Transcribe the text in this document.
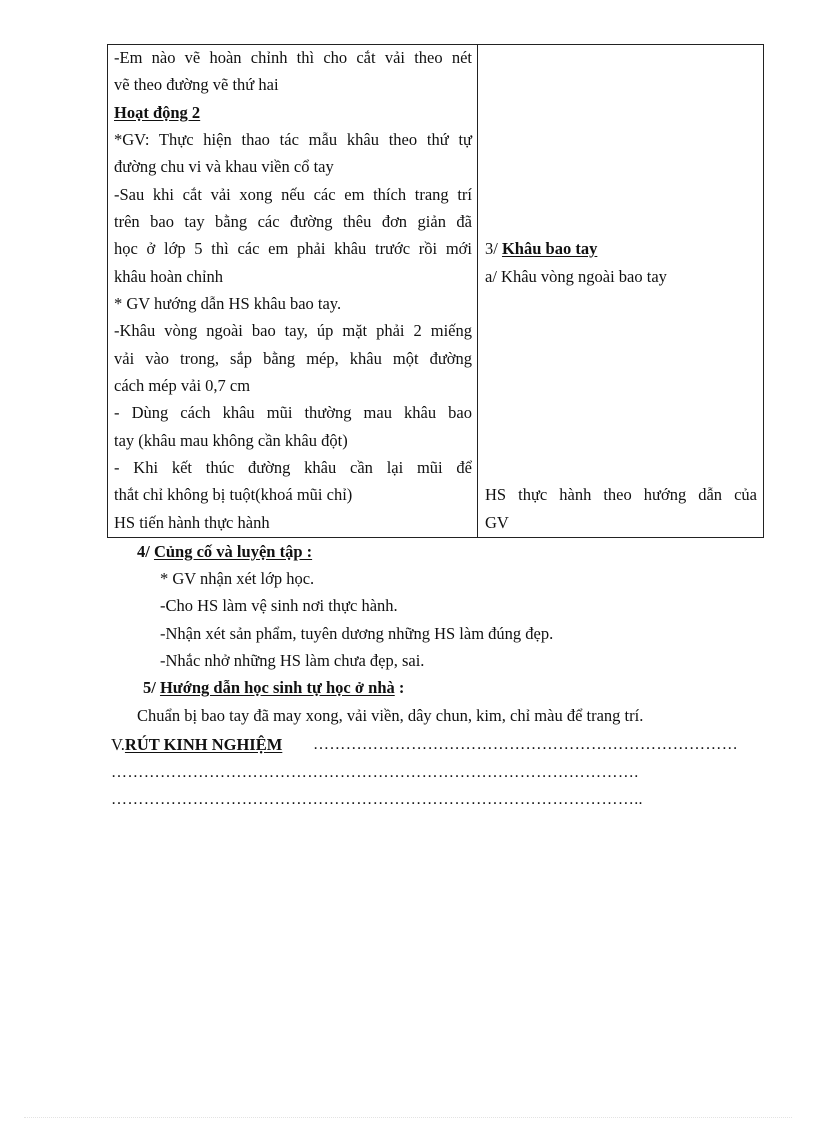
-Em nào vẽ hoàn chỉnh thì cho cắt vải theo nét
vẽ theo đường vẽ thứ hai
Hoạt động 2
*GV: Thực hiện thao tác mẫu khâu theo thứ tự
đường chu vi và khau viền cổ tay
-Sau khi cắt vải xong nếu các em thích trang trí
trên bao tay bằng các đường thêu đơn giản đã
học ở lớp 5 thì các em phải khâu trước rồi mới
khâu hoàn chỉnh
* GV hướng dẫn HS khâu bao tay.
-Khâu vòng ngoài bao tay, úp mặt phải 2 miếng
vải vào trong, sắp bằng mép, khâu một đường
cách mép vải 0,7 cm
- Dùng cách khâu mũi thường mau khâu bao
tay (khâu mau không cần khâu đột)
- Khi kết thúc đường khâu cần lại mũi để
thắt chỉ không bị tuột(khoá mũi chỉ)
HS tiến hành thực hành
3/ Khâu bao tay
a/ Khâu vòng ngoài bao tay
HS thực hành theo hướng dẫn của
GV
4/ Củng cố và luyện tập :
* GV nhận xét lớp học.
-Cho HS làm vệ sinh nơi thực hành.
-Nhận xét sản phẩm, tuyên dương những HS làm đúng đẹp.
-Nhắc nhở những HS làm chưa đẹp, sai.
5/ Hướng dẫn học sinh tự học ở nhà :
Chuẩn bị bao tay đã may xong, vải viền, dây chun, kim, chỉ màu để trang trí.
V.RÚT KINH NGHIỆM ……………………………………………………………………
…………………………………………………………………………………….
……………………………………………………………………………………..
